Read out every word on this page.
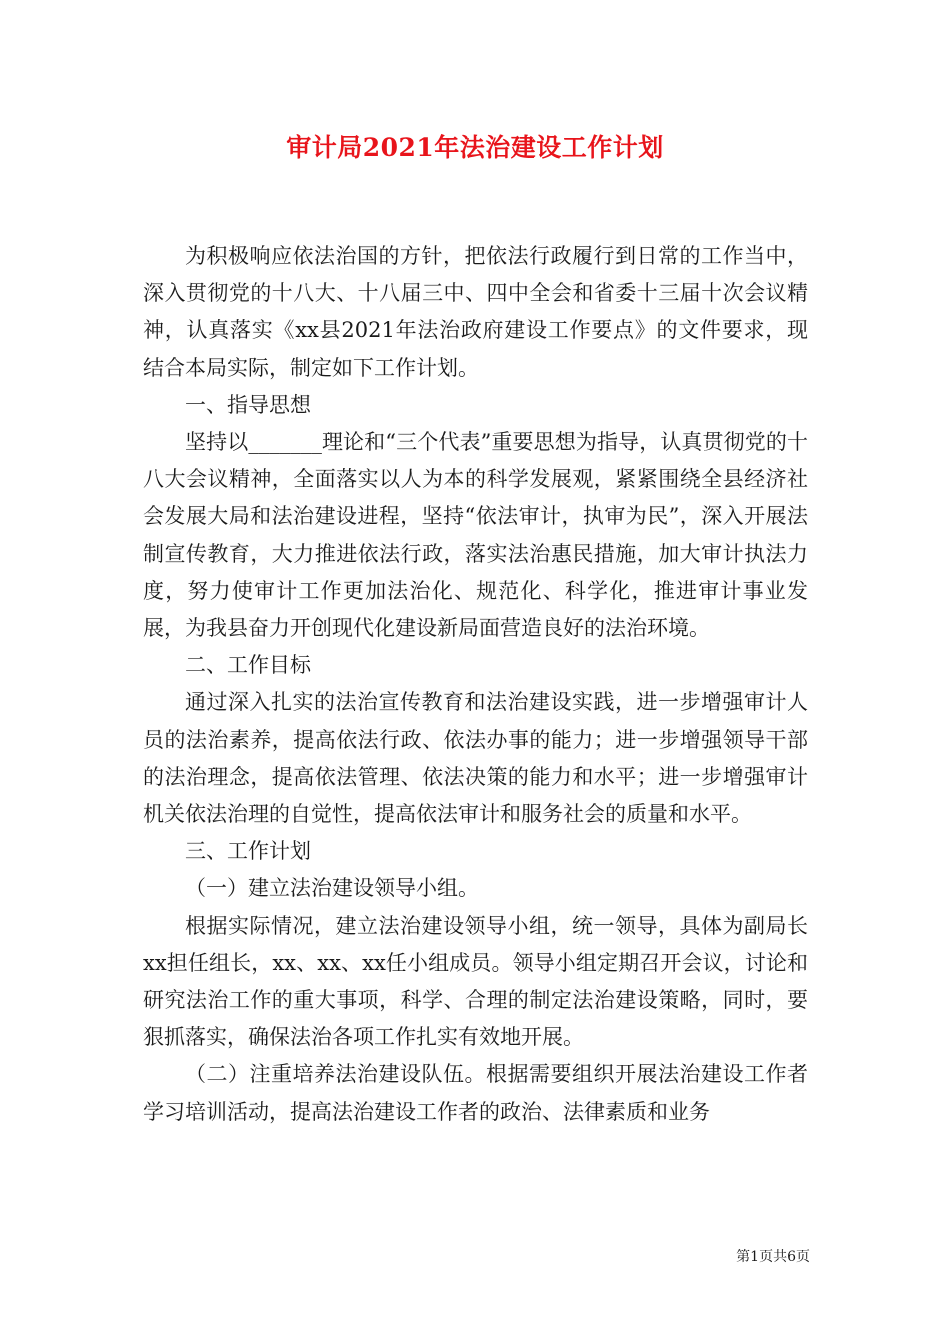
审计局2021年法治建设工作计划

为积极响应依法治国的方针，把依法行政履行到日常的工作当中，深入贯彻党的十八大、十八届三中、四中全会和省委十三届十次会议精神，认真落实《xx县2021年法治政府建设工作要点》的文件要求，现结合本局实际，制定如下工作计划。

一、指导思想

坚持以_______理论和“三个代表”重要思想为指导，认真贯彻党的十八大会议精神，全面落实以人为本的科学发展观，紧紧围绕全县经济社会发展大局和法治建设进程，坚持“依法审计，执审为民”，深入开展法制宣传教育，大力推进依法行政，落实法治惠民措施，加大审计执法力度，努力使审计工作更加法治化、规范化、科学化，推进审计事业发展，为我县奋力开创现代化建设新局面营造良好的法治环境。

二、工作目标

通过深入扎实的法治宣传教育和法治建设实践，进一步增强审计人员的法治素养，提高依法行政、依法办事的能力；进一步增强领导干部的法治理念，提高依法管理、依法决策的能力和水平；进一步增强审计机关依法治理的自觉性，提高依法审计和服务社会的质量和水平。

三、工作计划

（一）建立法治建设领导小组。

根据实际情况，建立法治建设领导小组，统一领导，具体为副局长xx担任组长，xx、xx、xx任小组成员。领导小组定期召开会议，讨论和研究法治工作的重大事项，科学、合理的制定法治建设策略，同时，要狠抓落实，确保法治各项工作扎实有效地开展。

（二）注重培养法治建设队伍。根据需要组织开展法治建设工作者学习培训活动，提高法治建设工作者的政治、法律素质和业务

第1页共6页
